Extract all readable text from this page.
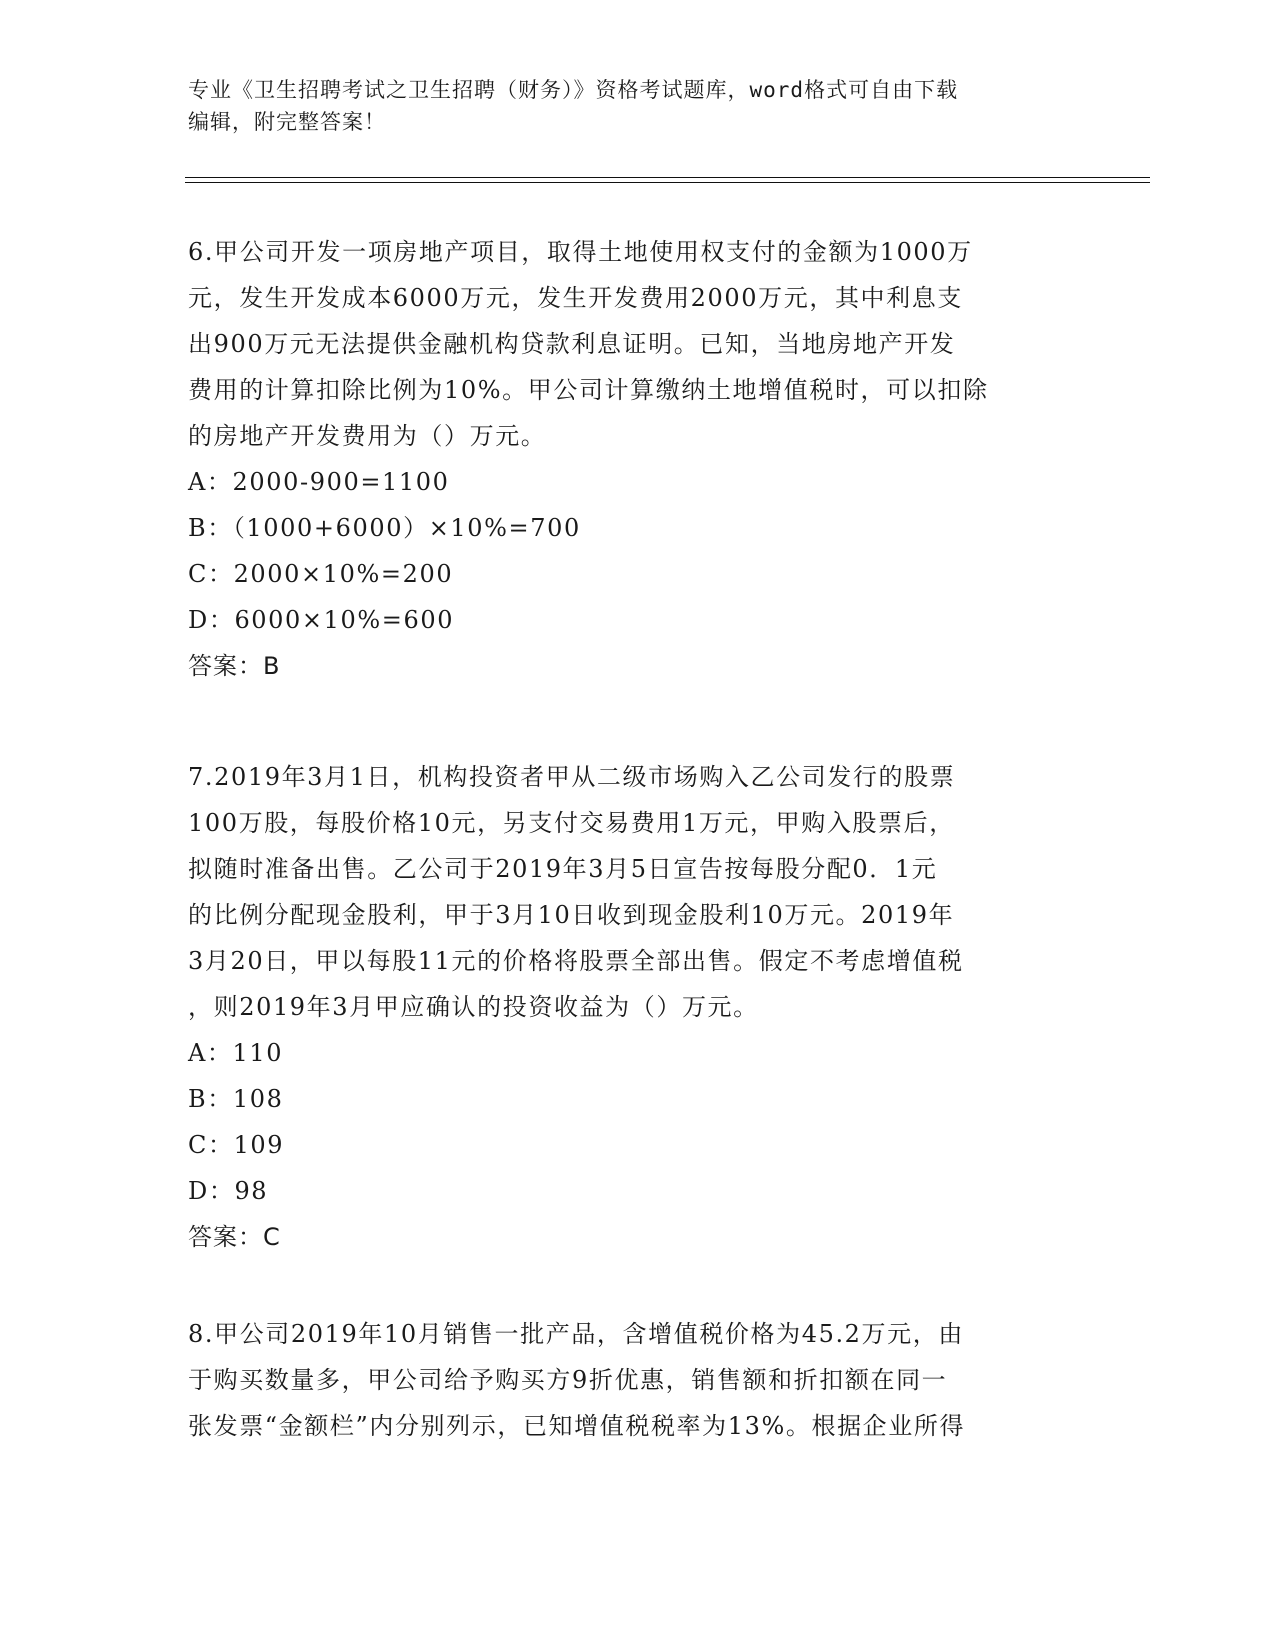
专业《卫生招聘考试之卫生招聘（财务）》资格考试题库，word格式可自由下载
编辑，附完整答案！
6.甲公司开发一项房地产项目，取得土地使用权支付的金额为1000万
元，发生开发成本6000万元，发生开发费用2000万元，其中利息支
出900万元无法提供金融机构贷款利息证明。已知，当地房地产开发
费用的计算扣除比例为10%。甲公司计算缴纳土地增值税时，可以扣除
的房地产开发费用为（）万元。
A：2000-900=1100
B：（1000+6000）×10%=700
C：2000×10%=200
D：6000×10%=600
答案：B
7.2019年3月1日，机构投资者甲从二级市场购入乙公司发行的股票
100万股，每股价格10元，另支付交易费用1万元，甲购入股票后，
拟随时准备出售。乙公司于2019年3月5日宣告按每股分配0．1元
的比例分配现金股利，甲于3月10日收到现金股利10万元。2019年
3月20日，甲以每股11元的价格将股票全部出售。假定不考虑增值税
，则2019年3月甲应确认的投资收益为（）万元。
A：110
B：108
C：109
D：98
答案：C
8.甲公司2019年10月销售一批产品，含增值税价格为45.2万元，由
于购买数量多，甲公司给予购买方9折优惠，销售额和折扣额在同一
张发票“金额栏”内分别列示，已知增值税税率为13%。根据企业所得
